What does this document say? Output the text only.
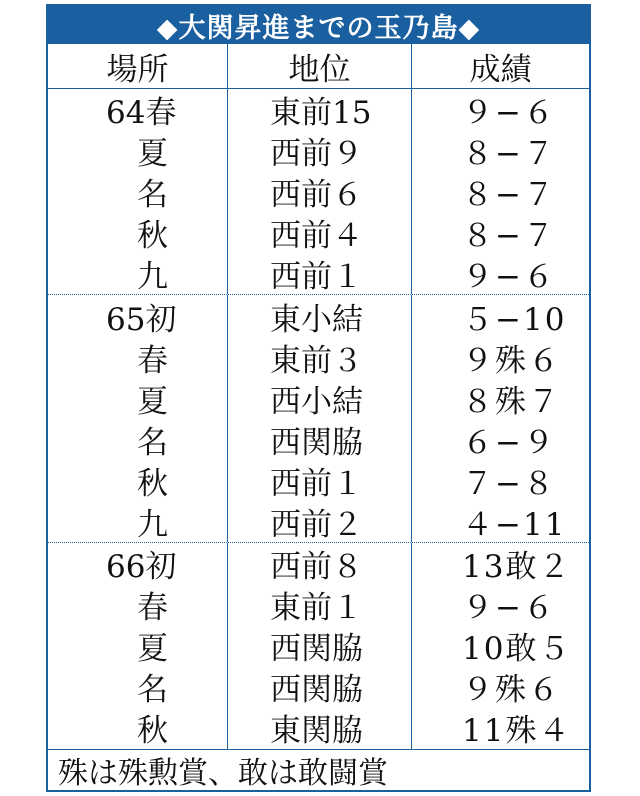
◆大関昇進までの玉乃島◆
場所	地位	成績
64春	東前15	９−６
　夏	西前９	８−７
　名	西前６	８−７
　秋	西前４	８−７
　九	西前１	９−６
65初	東小結	５−10
　春	東前３	９殊６
　夏	西小結	８殊７
　名	西関脇	６−９
　秋	西前１	７−８
　九	西前２	４−11
66初	西前８	13敢２
　春	東前１	９−６
　夏	西関脇	10敢５
　名	西関脇	９殊６
　秋	東関脇	11殊４
殊は殊勲賞、敢は敢闘賞
